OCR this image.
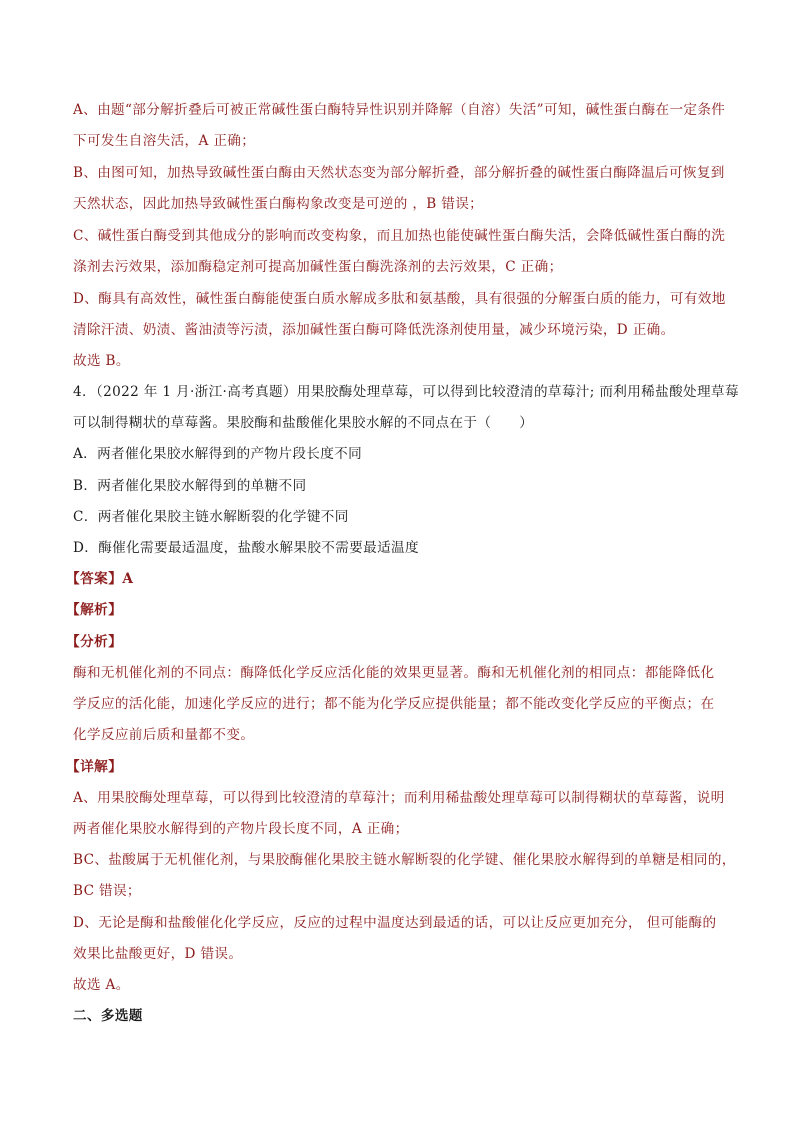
A、由题“部分解折叠后可被正常碱性蛋白酶特异性识别并降解（自溶）失活”可知，碱性蛋白酶在一定条件
下可发生自溶失活，A 正确；
B、由图可知，加热导致碱性蛋白酶由天然状态变为部分解折叠，部分解折叠的碱性蛋白酶降温后可恢复到
天然状态，因此加热导致碱性蛋白酶构象改变是可逆的 ，B 错误；
C、碱性蛋白酶受到其他成分的影响而改变构象，而且加热也能使碱性蛋白酶失活，会降低碱性蛋白酶的洗
涤剂去污效果，添加酶稳定剂可提高加碱性蛋白酶洗涤剂的去污效果，C 正确；
D、酶具有高效性，碱性蛋白酶能使蛋白质水解成多肽和氨基酸，具有很强的分解蛋白质的能力，可有效地
清除汗渍、奶渍、酱油渍等污渍，添加碱性蛋白酶可降低洗涤剂使用量，减少环境污染，D 正确。
故选 B。
4．（2022 年 1 月·浙江·高考真题）用果胶酶处理草莓，可以得到比较澄清的草莓汁; 而利用稀盐酸处理草莓
可以制得糊状的草莓酱。果胶酶和盐酸催化果胶水解的不同点在于（　　）
A．两者催化果胶水解得到的产物片段长度不同
B．两者催化果胶水解得到的单糖不同
C．两者催化果胶主链水解断裂的化学键不同
D．酶催化需要最适温度，盐酸水解果胶不需要最适温度
【答案】A
【解析】
【分析】
酶和无机催化剂的不同点：酶降低化学反应活化能的效果更显著。酶和无机催化剂的相同点：都能降低化
学反应的活化能，加速化学反应的进行；都不能为化学反应提供能量；都不能改变化学反应的平衡点；在
化学反应前后质和量都不变。
【详解】
A、用果胶酶处理草莓，可以得到比较澄清的草莓汁；而利用稀盐酸处理草莓可以制得糊状的草莓酱，说明
两者催化果胶水解得到的产物片段长度不同，A 正确；
BC、盐酸属于无机催化剂，与果胶酶催化果胶主链水解断裂的化学键、催化果胶水解得到的单糖是相同的，
BC 错误；
D、无论是酶和盐酸催化化学反应，反应的过程中温度达到最适的话，可以让反应更加充分， 但可能酶的
效果比盐酸更好，D 错误。
故选 A。
二、多选题
